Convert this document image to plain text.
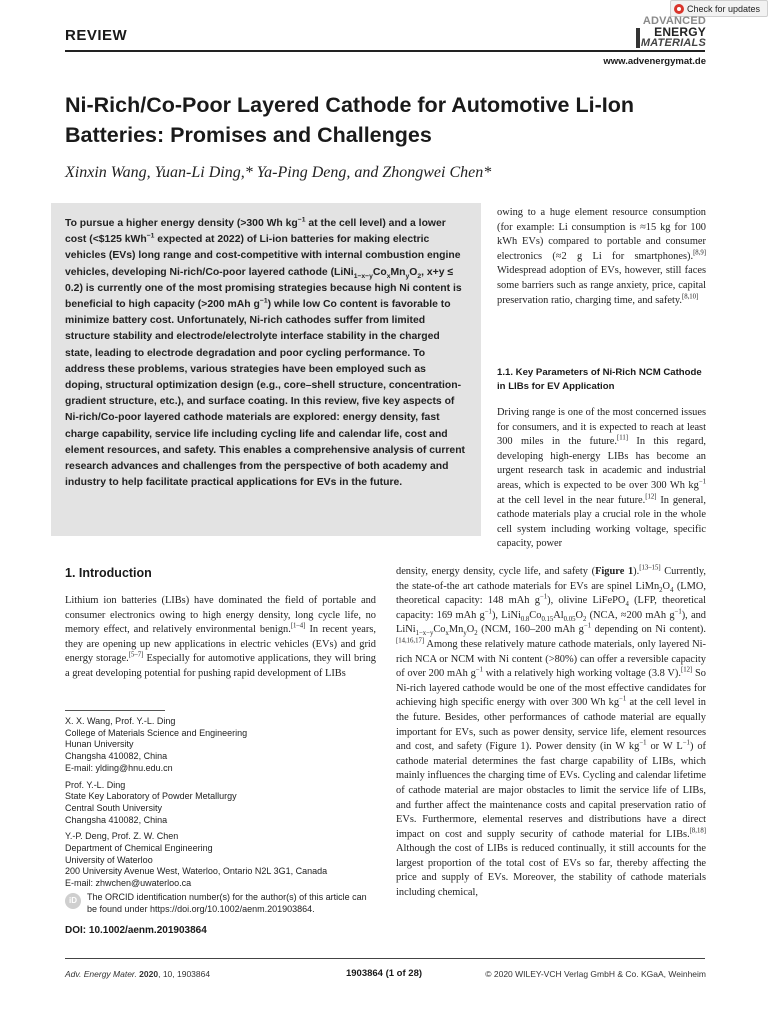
Check for updates
REVIEW
ADVANCED
ENERGY
MATERIALS
www.advenergymat.de
Ni-Rich/Co-Poor Layered Cathode for Automotive Li-Ion Batteries: Promises and Challenges
Xinxin Wang, Yuan-Li Ding,* Ya-Ping Deng, and Zhongwei Chen*
To pursue a higher energy density (>300 Wh $kg^{-1}$ at the cell level) and a lower cost (<$125 kWh$^{-1}$ expected at 2022) of Li-ion batteries for making electric vehicles (EVs) long range and cost-competitive with internal combustion engine vehicles, developing Ni-rich/Co-poor layered cathode ($LiNi_{1-x-y}Co_xMn_yO_2$, x+y ≤ 0.2) is currently one of the most promising strategies because high Ni content is beneficial to high capacity (>200 mAh $g^{-1}$) while low Co content is favorable to minimize battery cost. Unfortunately, Ni-rich cathodes suffer from limited structure stability and electrode/electrolyte interface stability in the charged state, leading to electrode degradation and poor cycling performance. To address these problems, various strategies have been employed such as doping, structural optimization design (e.g., core–shell structure, concentration-gradient structure, etc.), and surface coating. In this review, five key aspects of Ni-rich/Co-poor layered cathode materials are explored: energy density, fast charge capability, service life including cycling life and calendar life, cost and element resources, and safety. This enables a comprehensive analysis of current research advances and challenges from the perspective of both academy and industry to help facilitate practical applications for EVs in the future.
owing to a huge element resource consumption (for example: Li consumption is ≈15 kg for 100 kWh EVs) compared to portable and consumer electronics (≈2 g Li for smartphones).[8,9] Widespread adoption of EVs, however, still faces some barriers such as range anxiety, price, capital preservation ratio, charging time, and safety.[8,10]
1.1. Key Parameters of Ni-Rich NCM Cathode in LIBs for EV Application
Driving range is one of the most concerned issues for consumers, and it is expected to reach at least 300 miles in the future.[11] In this regard, developing high-energy LIBs has become an urgent research task in academic and industrial areas, which is expected to be over 300 Wh $kg^{-1}$ at the cell level in the near future.[12] In general, cathode materials play a crucial role in the whole cell system including working voltage, specific capacity, power
density, energy density, cycle life, and safety (Figure 1).[13–15] Currently, the state-of-the art cathode materials for EVs are spinel $LiMn_2O_4$ (LMO, theoretical capacity: 148 mAh $g^{-1}$), olivine LiFePO$_4$ (LFP, theoretical capacity: 169 mAh $g^{-1}$), $LiNi_{0.8}Co_{0.15}Al_{0.05}O_2$ (NCA, ≈200 mAh $g^{-1}$), and $LiNi_{1-x-y}Co_xMn_yO_2$ (NCM, 160–200 mAh $g^{-1}$ depending on Ni content).[14,16,17] Among these relatively mature cathode materials, only layered Ni-rich NCA or NCM with Ni content (>80%) can offer a reversible capacity of over 200 mAh $g^{-1}$ with a relatively high working voltage (3.8 V).[12] So Ni-rich layered cathode would be one of the most effective candidates for achieving high specific energy with over 300 Wh $kg^{-1}$ at the cell level in the future. Besides, other performances of cathode material are equally important for EVs, such as power density, service life, element resources and cost, and safety (Figure 1). Power density (in W $kg^{-1}$ or W $L^{-1}$) of cathode material determines the fast charge capability of LIBs, which mainly influences the charging time of EVs. Cycling and calendar lifetime of cathode material are major obstacles to limit the service life of LIBs, and further affect the maintenance costs and capital preservation ratio of EVs. Furthermore, elemental reserves and distributions have a direct impact on cost and supply security of cathode material for LIBs.[8,18] Although the cost of LIBs is reduced continually, it still accounts for the largest proportion of the total cost of EVs so far, thereby affecting the price and supply of EVs. Moreover, the stability of cathode materials including chemical,
1. Introduction
Lithium ion batteries (LIBs) have dominated the field of portable and consumer electronics owing to high energy density, long cycle life, no memory effect, and relatively environmental benign.[1–4] In recent years, they are opening up new applications in electric vehicles (EVs) and grid energy storage.[5–7] Especially for automotive applications, they will bring a great developing potential for pushing rapid development of LIBs
X. X. Wang, Prof. Y.-L. Ding
College of Materials Science and Engineering
Hunan University
Changsha 410082, China
E-mail: ylding@hnu.edu.cn
Prof. Y.-L. Ding
State Key Laboratory of Powder Metallurgy
Central South University
Changsha 410082, China
Y.-P. Deng, Prof. Z. W. Chen
Department of Chemical Engineering
University of Waterloo
200 University Avenue West, Waterloo, Ontario N2L 3G1, Canada
E-mail: zhwchen@uwaterloo.ca
iD	The ORCID identification number(s) for the author(s) of this article can be found under https://doi.org/10.1002/aenm.201903864.
DOI: 10.1002/aenm.201903864
Adv. Energy Mater. 2020, 10, 1903864	1903864 (1 of 28)	© 2020 WILEY-VCH Verlag GmbH & Co. KGaA, Weinheim
